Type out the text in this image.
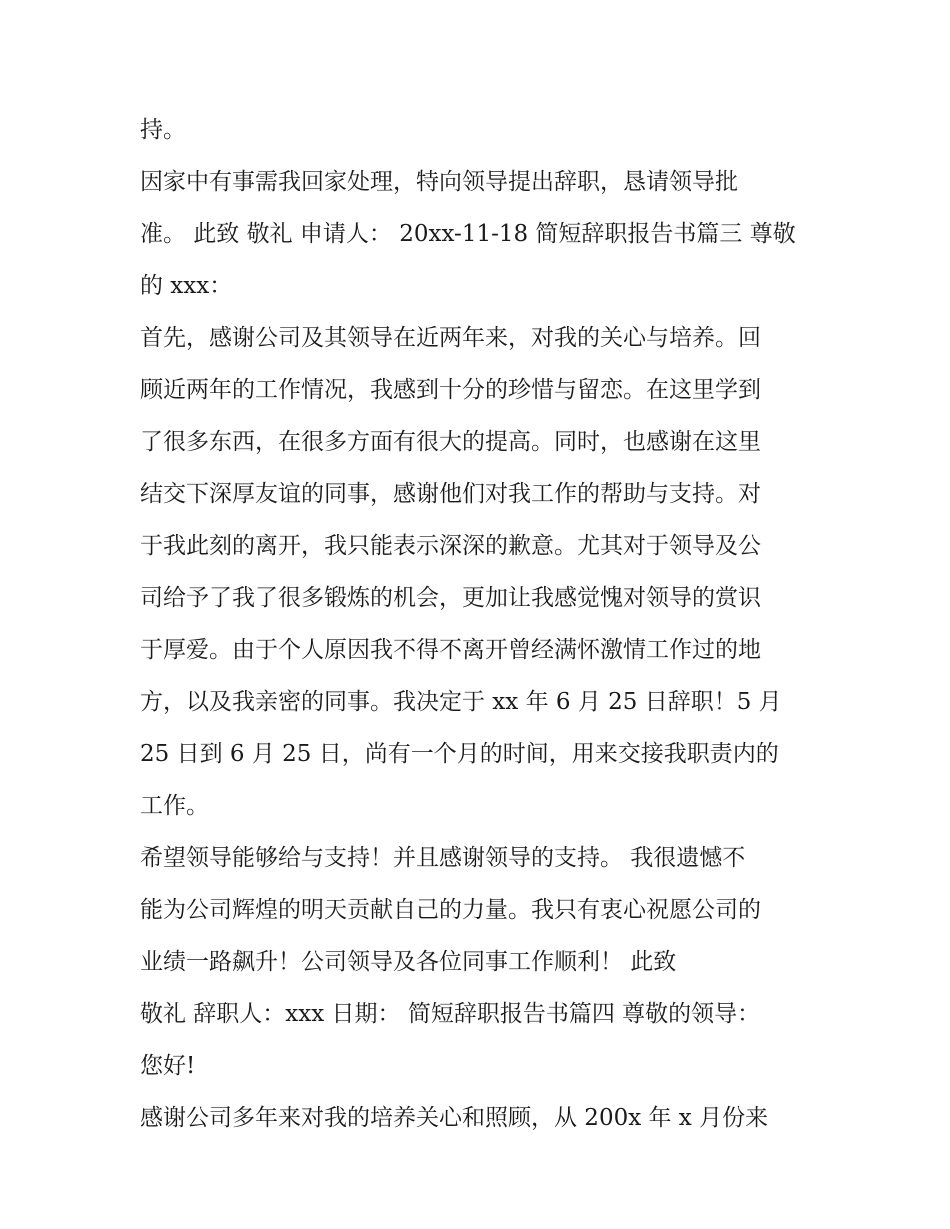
持。
因家中有事需我回家处理，特向领导提出辞职，恳请领导批
准。 此致 敬礼 申请人： 20xx-11-18 简短辞职报告书篇三 尊敬
的 xxx：
首先，感谢公司及其领导在近两年来，对我的关心与培养。回
顾近两年的工作情况，我感到十分的珍惜与留恋。在这里学到
了很多东西，在很多方面有很大的提高。同时，也感谢在这里
结交下深厚友谊的同事，感谢他们对我工作的帮助与支持。对
于我此刻的离开，我只能表示深深的歉意。尤其对于领导及公
司给予了我了很多锻炼的机会，更加让我感觉愧对领导的赏识
于厚爱。由于个人原因我不得不离开曾经满怀激情工作过的地
方，以及我亲密的同事。我决定于 xx 年 6 月 25 日辞职！5 月
25 日到 6 月 25 日，尚有一个月的时间，用来交接我职责内的
工作。
希望领导能够给与支持！并且感谢领导的支持。 我很遗憾不
能为公司辉煌的明天贡献自己的力量。我只有衷心祝愿公司的
业绩一路飙升！公司领导及各位同事工作顺利！ 此致
敬礼 辞职人：xxx 日期： 简短辞职报告书篇四 尊敬的领导：
您好!
感谢公司多年来对我的培养关心和照顾，从 200x 年 x 月份来
